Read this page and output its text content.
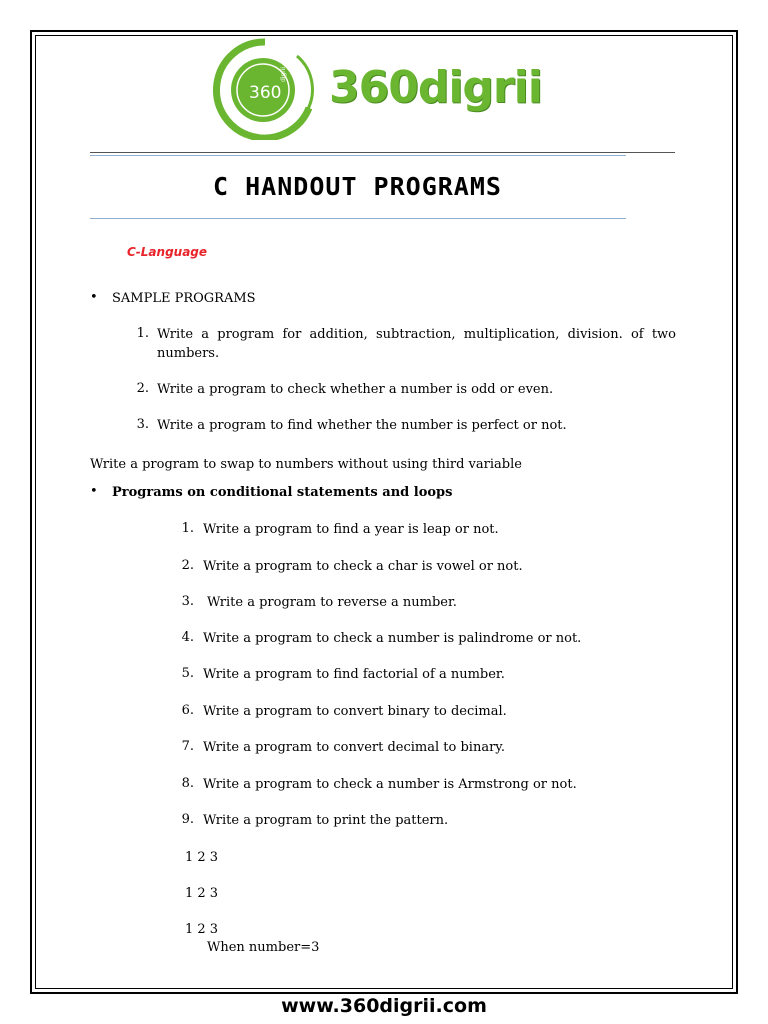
360
digrii 360digrii
C HANDOUT PROGRAMS
C-Language
• SAMPLE PROGRAMS
1. Write a program for addition, subtraction, multiplication, division. of two
numbers.
2. Write a program to check whether a number is odd or even.
3. Write a program to find whether the number is perfect or not.
Write a program to swap to numbers without using third variable
• Programs on conditional statements and loops
1. Write a program to find a year is leap or not.
2. Write a program to check a char is vowel or not.
3. Write a program to reverse a number.
4. Write a program to check a number is palindrome or not.
5. Write a program to find factorial of a number.
6. Write a program to convert binary to decimal.
7. Write a program to convert decimal to binary.
8. Write a program to check a number is Armstrong or not.
9. Write a program to print the pattern.
1 2 3
1 2 3
1 2 3
When number=3
www.360digrii.com
